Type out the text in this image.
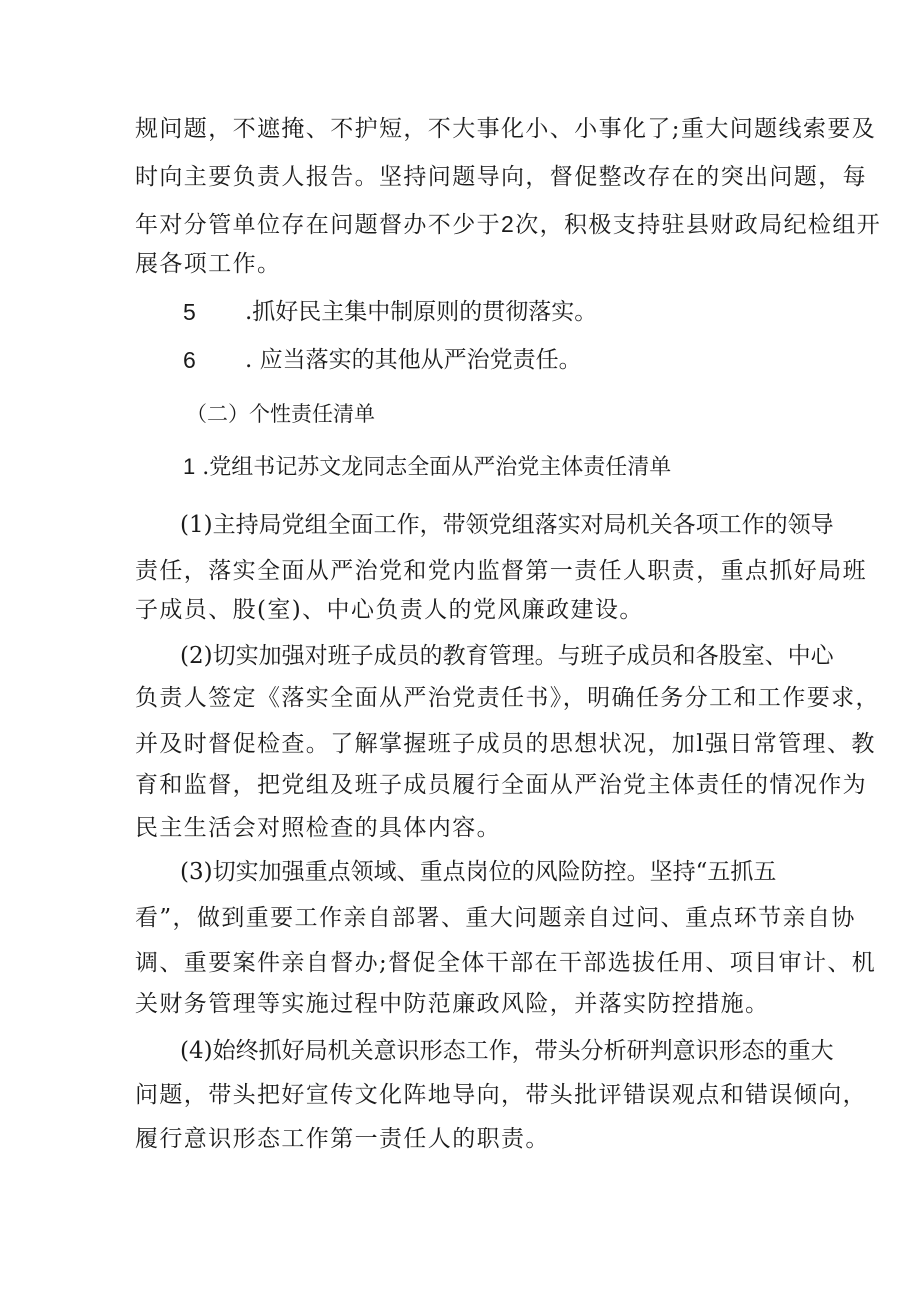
规问题，不遮掩、不护短，不大事化小、小事化了;重大问题线索要及
时向主要负责人报告。坚持问题导向，督促整改存在的突出问题，每
年对分管单位存在问题督办不少于2次，积极支持驻县财政局纪检组开
展各项工作。
5 .抓好民主集中制原则的贯彻落实。
6 . 应当落实的其他从严治党责任。
（二）个性责任清单
1 .党组书记苏文龙同志全面从严治党主体责任清单
(1)主持局党组全面工作，带领党组落实对局机关各项工作的领导
责任，落实全面从严治党和党内监督第一责任人职责，重点抓好局班
子成员、股(室)、中心负责人的党风廉政建设。
(2)切实加强对班子成员的教育管理。与班子成员和各股室、中心
负责人签定《落实全面从严治党责任书》，明确任务分工和工作要求，
并及时督促检查。了解掌握班子成员的思想状况，加l强日常管理、教
育和监督，把党组及班子成员履行全面从严治党主体责任的情况作为
民主生活会对照检查的具体内容。
(3)切实加强重点领域、重点岗位的风险防控。坚持“五抓五
看”，做到重要工作亲自部署、重大问题亲自过问、重点环节亲自协
调、重要案件亲自督办;督促全体干部在干部选拔任用、项目审计、机
关财务管理等实施过程中防范廉政风险，并落实防控措施。
(4)始终抓好局机关意识形态工作，带头分析研判意识形态的重大
问题，带头把好宣传文化阵地导向，带头批评错误观点和错误倾向，
履行意识形态工作第一责任人的职责。
